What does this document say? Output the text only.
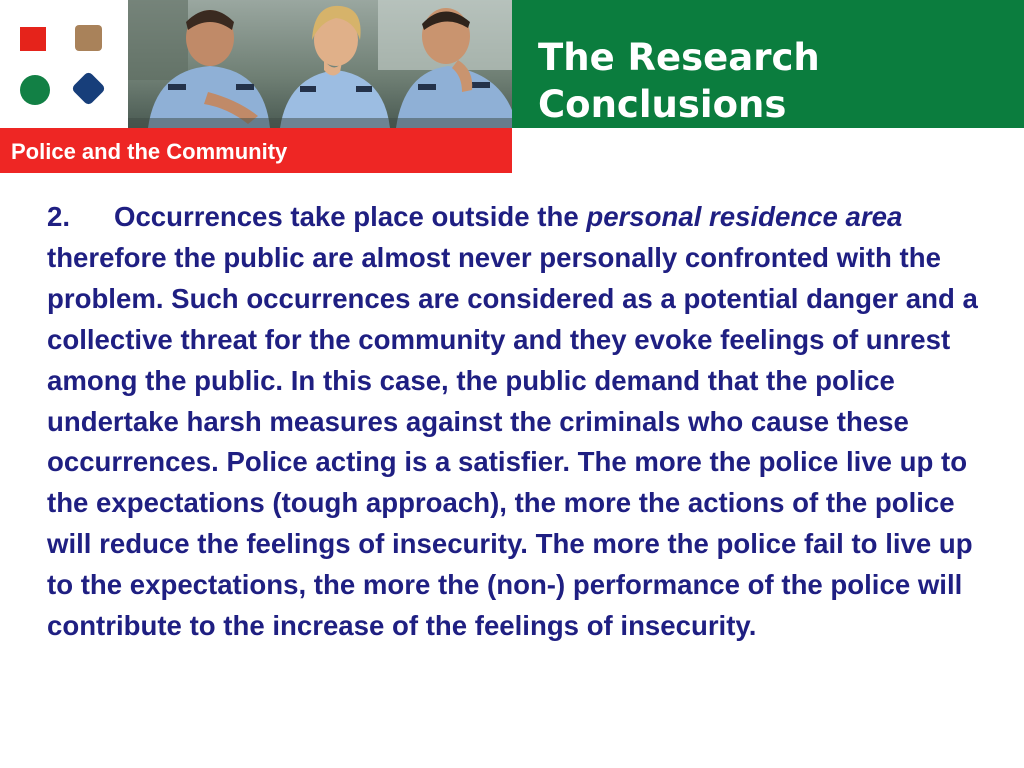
The Research
Conclusions
Police and the Community
2. Occurrences take place outside the personal residence area therefore the public are almost never personally confronted with the problem. Such occurrences are considered as a potential danger and a collective threat for the community and they evoke feelings of unrest among the public. In this case, the public demand that the police undertake harsh measures against the criminals who cause these occurrences. Police acting is a satisfier. The more the police live up to the expectations (tough approach), the more the actions of the police will reduce the feelings of insecurity. The more the police fail to live up to the expectations, the more the (non-) performance of the police will contribute to the increase of the feelings of insecurity.
